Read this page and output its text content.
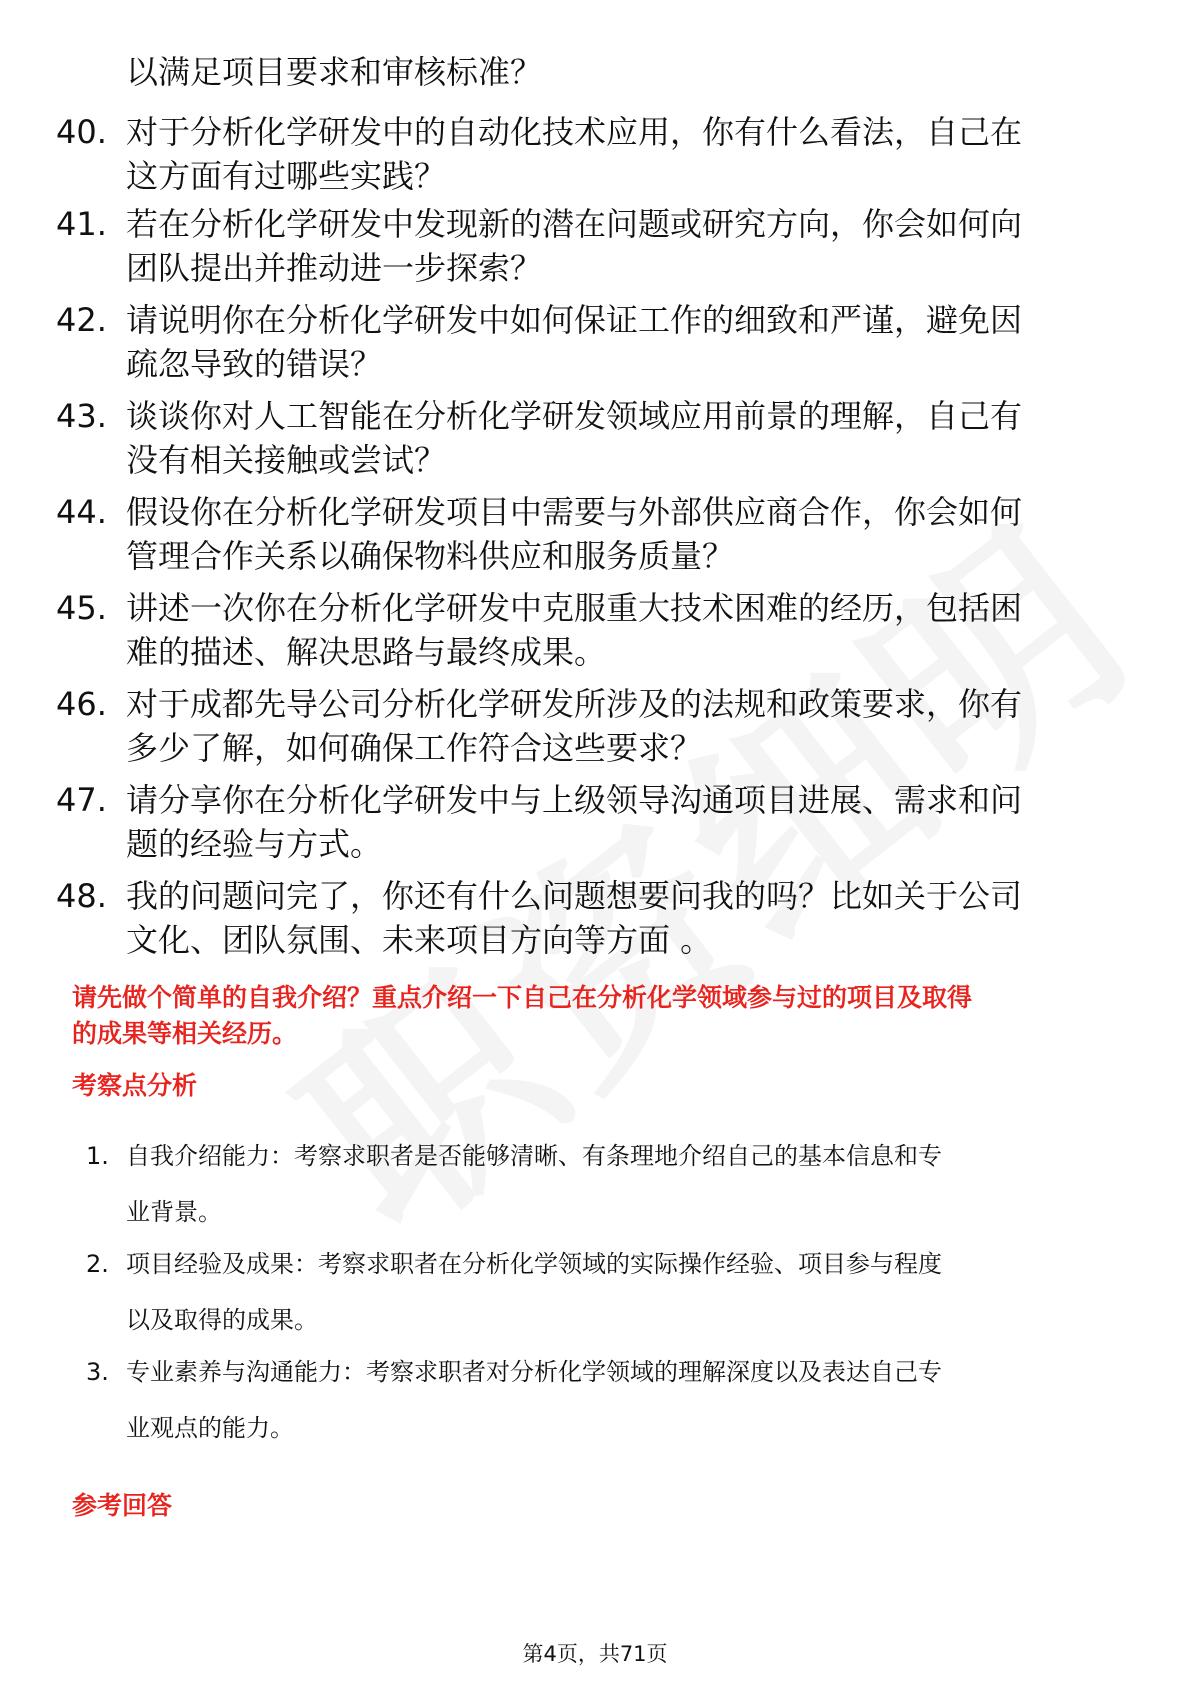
以满足项目要求和审核标准？
40. 对于分析化学研发中的自动化技术应用，你有什么看法，自己在
这方面有过哪些实践？
41. 若在分析化学研发中发现新的潜在问题或研究方向，你会如何向
团队提出并推动进一步探索？
42. 请说明你在分析化学研发中如何保证工作的细致和严谨，避免因
疏忽导致的错误？
43. 谈谈你对人工智能在分析化学研发领域应用前景的理解，自己有
没有相关接触或尝试？
44. 假设你在分析化学研发项目中需要与外部供应商合作，你会如何
管理合作关系以确保物料供应和服务质量？
45. 讲述一次你在分析化学研发中克服重大技术困难的经历，包括困
难的描述、解决思路与最终成果。
46. 对于成都先导公司分析化学研发所涉及的法规和政策要求，你有
多少了解，如何确保工作符合这些要求？
47. 请分享你在分析化学研发中与上级领导沟通项目进展、需求和问
题的经验与方式。
48. 我的问题问完了，你还有什么问题想要问我的吗？比如关于公司
文化、团队氛围、未来项目方向等方面 。
请先做个简单的自我介绍？重点介绍一下自己在分析化学领域参与过的项目及取得
的成果等相关经历。
考察点分析
1. 自我介绍能力：考察求职者是否能够清晰、有条理地介绍自己的基本信息和专
业背景。
2. 项目经验及成果：考察求职者在分析化学领域的实际操作经验、项目参与程度
以及取得的成果。
3. 专业素养与沟通能力：考察求职者对分析化学领域的理解深度以及表达自己专
业观点的能力。
参考回答
第4页，共71页
